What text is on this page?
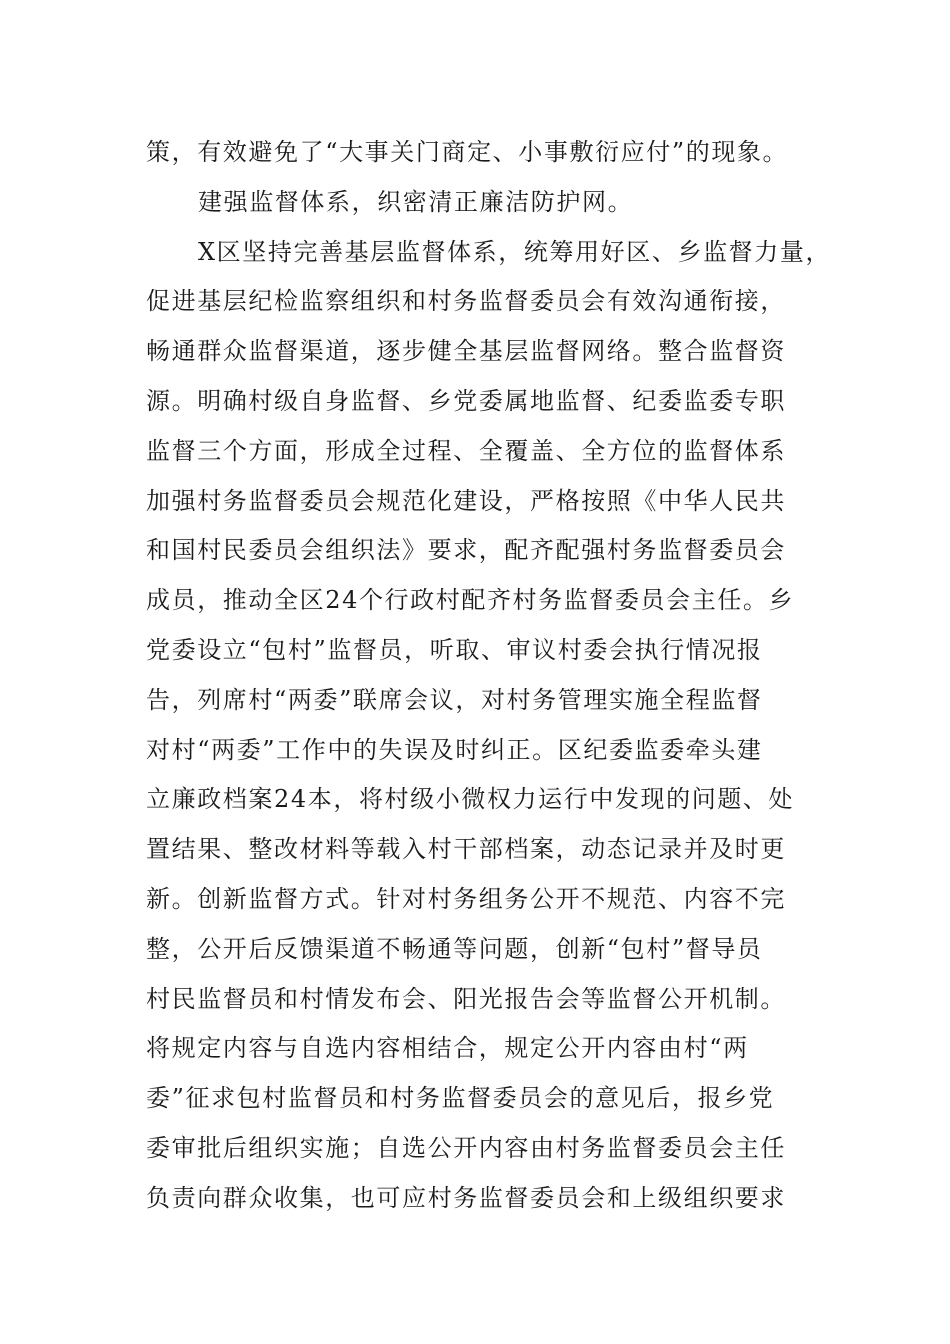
策，有效避免了“大事关门商定、小事敷衍应付”的现象。
建强监督体系，织密清正廉洁防护网。
X区坚持完善基层监督体系，统筹用好区、乡监督力量，
促进基层纪检监察组织和村务监督委员会有效沟通衔接，
畅通群众监督渠道，逐步健全基层监督网络。整合监督资
源。明确村级自身监督、乡党委属地监督、纪委监委专职
监督三个方面，形成全过程、全覆盖、全方位的监督体系
加强村务监督委员会规范化建设，严格按照《中华人民共
和国村民委员会组织法》要求，配齐配强村务监督委员会
成员，推动全区24个行政村配齐村务监督委员会主任。乡
党委设立“包村”监督员，听取、审议村委会执行情况报
告，列席村“两委”联席会议，对村务管理实施全程监督
对村“两委”工作中的失误及时纠正。区纪委监委牵头建
立廉政档案24本，将村级小微权力运行中发现的问题、处
置结果、整改材料等载入村干部档案，动态记录并及时更
新。创新监督方式。针对村务组务公开不规范、内容不完
整，公开后反馈渠道不畅通等问题，创新“包村”督导员
村民监督员和村情发布会、阳光报告会等监督公开机制。
将规定内容与自选内容相结合，规定公开内容由村“两
委”征求包村监督员和村务监督委员会的意见后，报乡党
委审批后组织实施；自选公开内容由村务监督委员会主任
负责向群众收集，也可应村务监督委员会和上级组织要求
